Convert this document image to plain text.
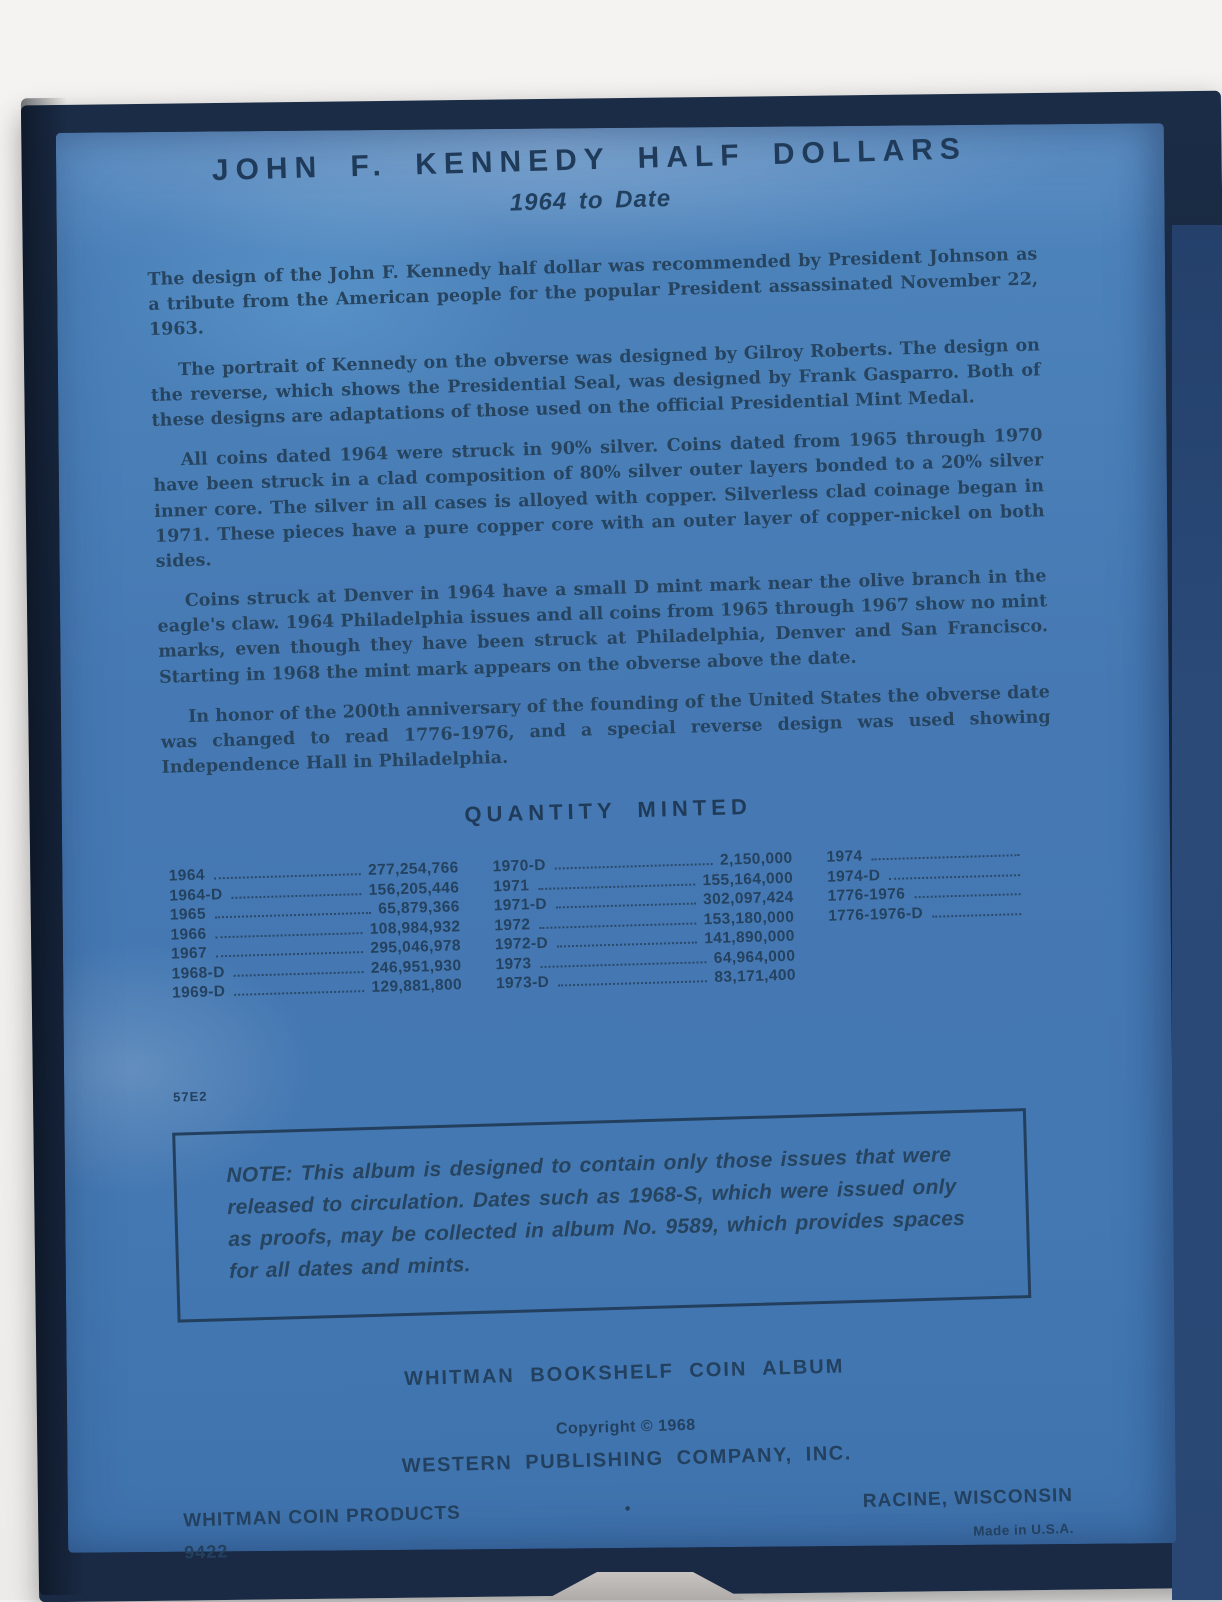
JOHN F. KENNEDY HALF DOLLARS
1964 to Date

The design of the John F. Kennedy half dollar was recommended by President Johnson as a tribute from the American people for the popular President assassinated November 22, 1963.

The portrait of Kennedy on the obverse was designed by Gilroy Roberts. The design on the reverse, which shows the Presidential Seal, was designed by Frank Gasparro. Both of these designs are adaptations of those used on the official Presidential Mint Medal.

All coins dated 1964 were struck in 90% silver. Coins dated from 1965 through 1970 have been struck in a clad composition of 80% silver outer layers bonded to a 20% silver inner core. The silver in all cases is alloyed with copper. Silverless clad coinage began in 1971. These pieces have a pure copper core with an outer layer of copper-nickel on both sides.

Coins struck at Denver in 1964 have a small D mint mark near the olive branch in the eagle's claw. 1964 Philadelphia issues and all coins from 1965 through 1967 show no mint marks, even though they have been struck at Philadelphia, Denver and San Francisco. Starting in 1968 the mint mark appears on the obverse above the date.

In honor of the 200th anniversary of the founding of the United States the obverse date was changed to read 1776-1976, and a special reverse design was used showing Independence Hall in Philadelphia.

QUANTITY MINTED
1964	277,254,766
1964-D	156,205,446
1965	65,879,366
1966	108,984,932
1967	295,046,978
1968-D	246,951,930
1969-D	129,881,800
1970-D	2,150,000
1971	155,164,000
1971-D	302,097,424
1972	153,180,000
1972-D	141,890,000
1973	64,964,000
1973-D	83,171,400
1974
1974-D
1776-1976
1776-1976-D
57E2
NOTE: This album is designed to contain only those issues that were released to circulation. Dates such as 1968-S, which were issued only as proofs, may be collected in album No. 9589, which provides spaces for all dates and mints.
WHITMAN BOOKSHELF COIN ALBUM
Copyright © 1968
WESTERN PUBLISHING COMPANY, INC.
WHITMAN COIN PRODUCTS	•	RACINE, WISCONSIN
9422
Made in U.S.A.
